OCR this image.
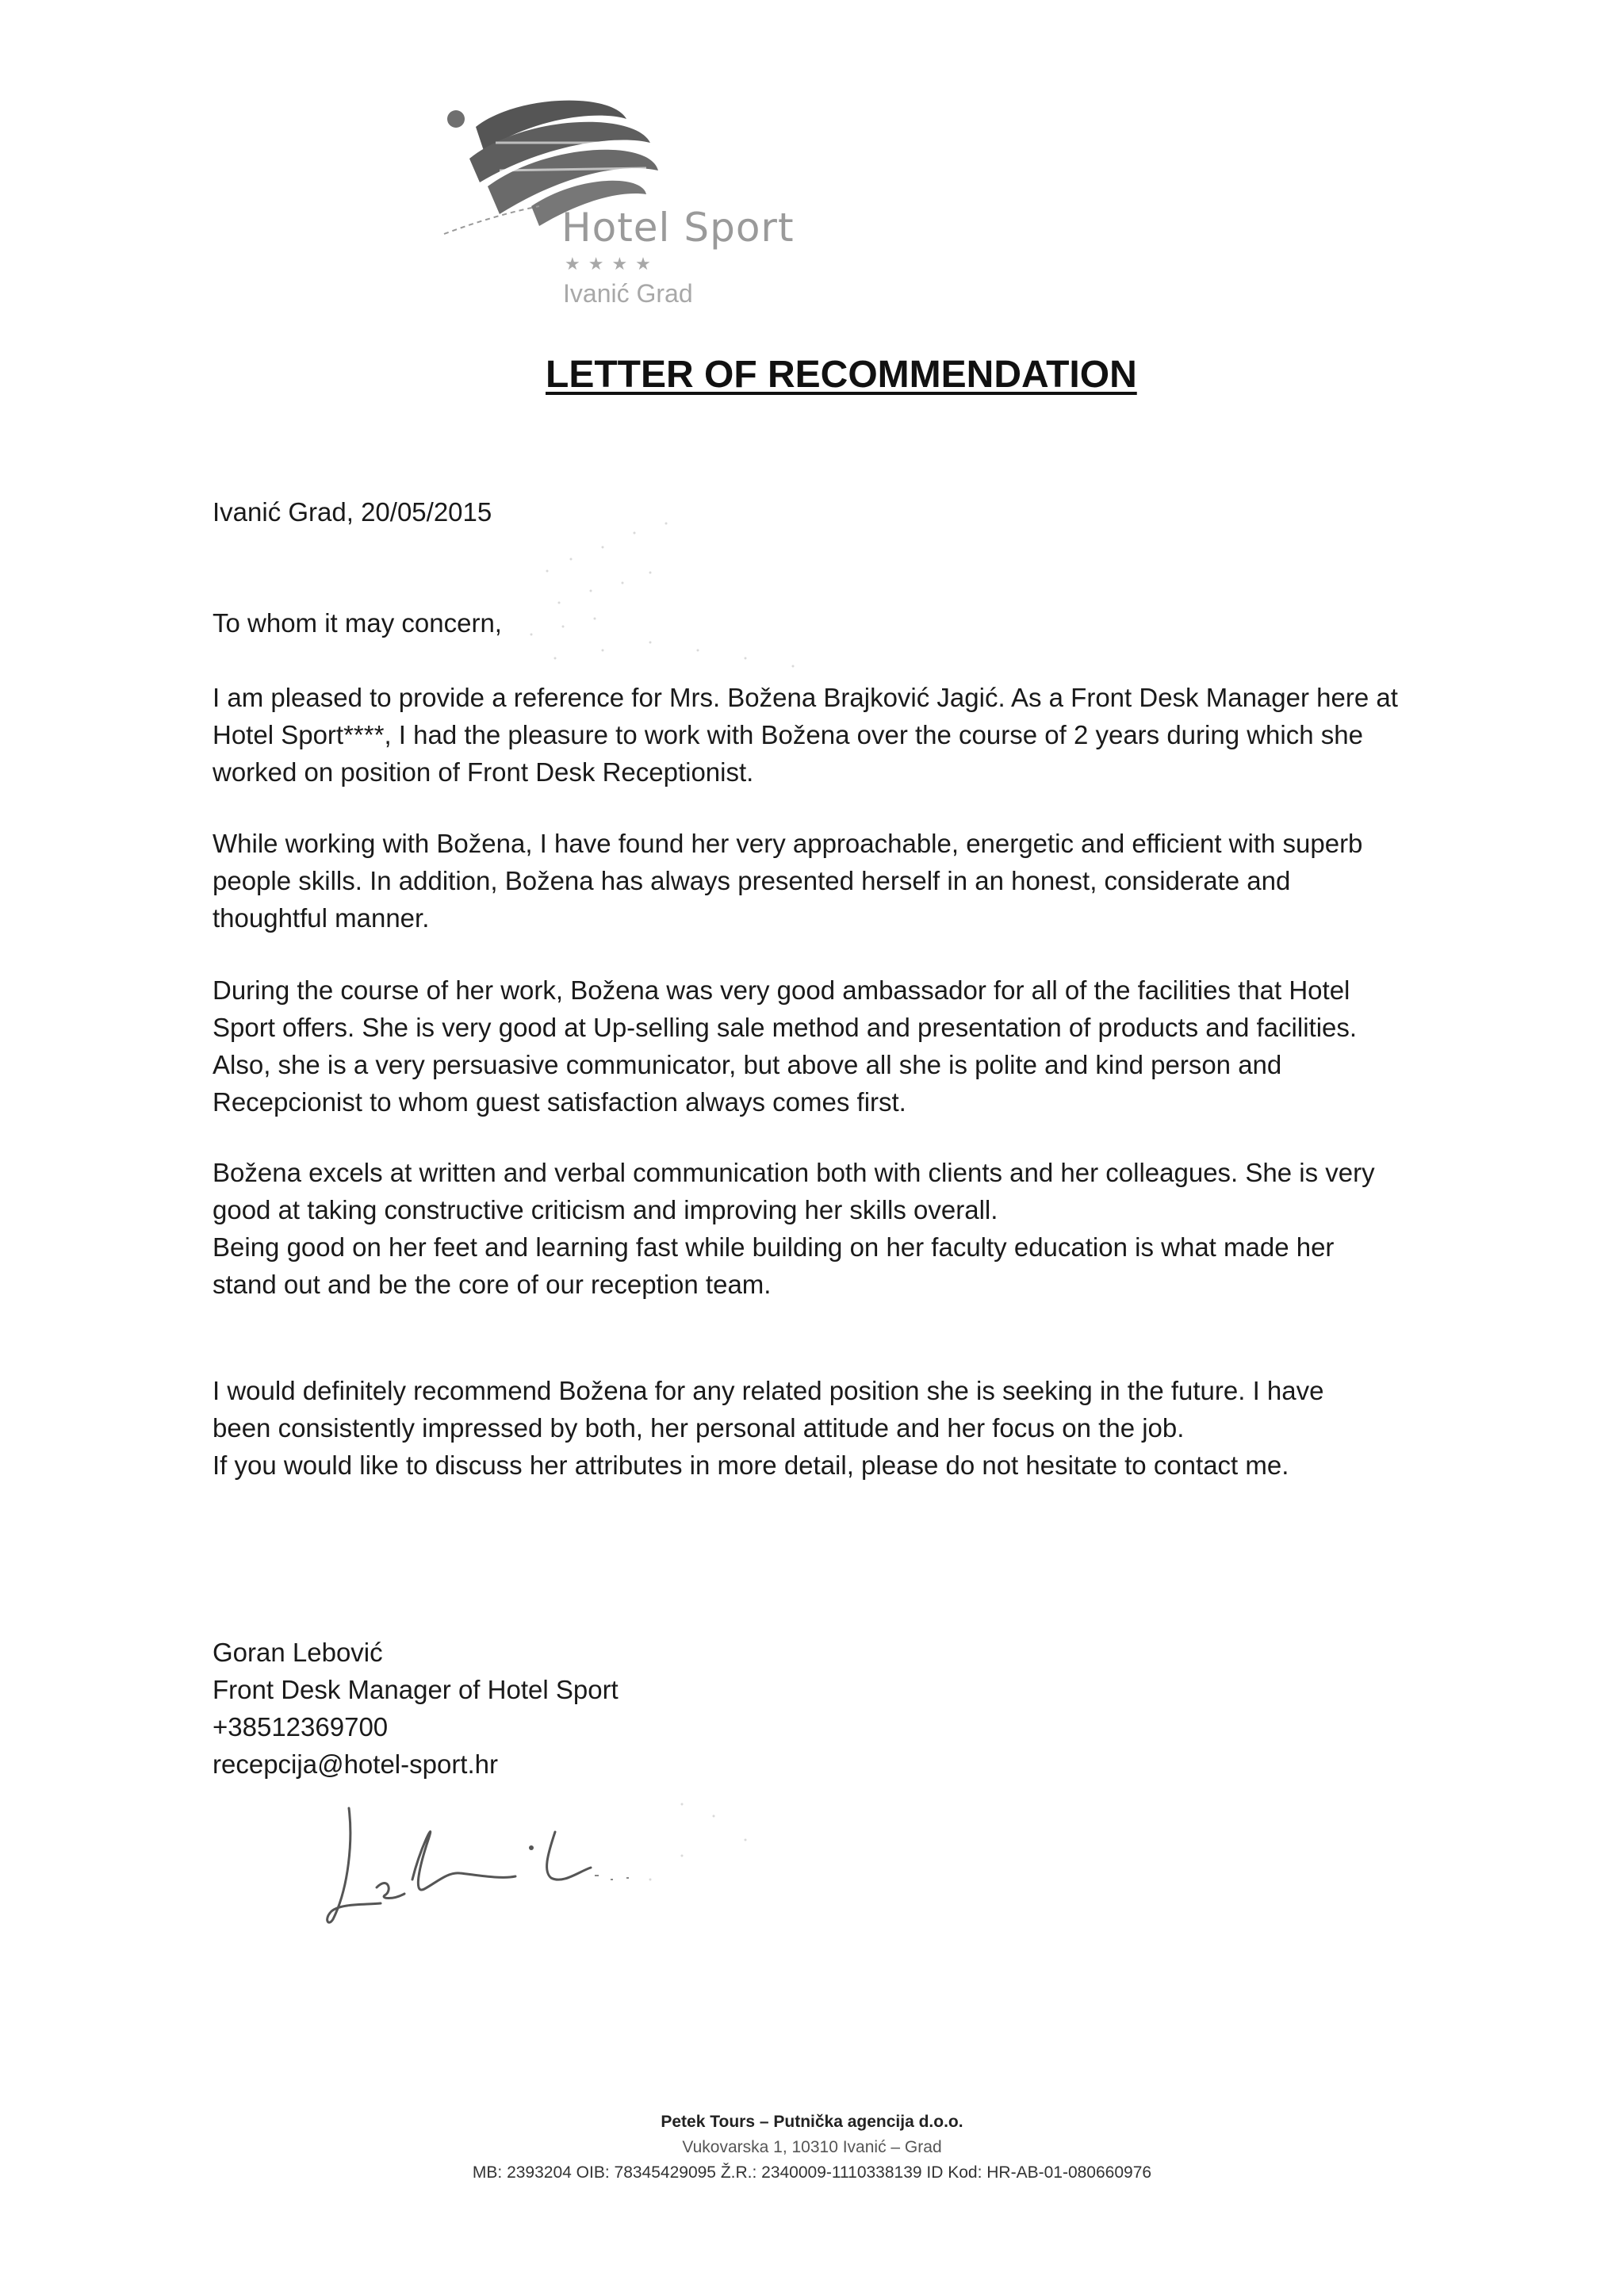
Hotel Sport
★★★★
Ivanić Grad
LETTER OF RECOMMENDATION

Ivanić Grad, 20/05/2015

To whom it may concern,

I am pleased to provide a reference for Mrs. Božena Brajković Jagić. As a Front Desk Manager here at

Hotel Sport****, I had the pleasure to work with Božena over the course of 2 years during which she

worked on position of Front Desk Receptionist.

While working with Božena, I have found her very approachable, energetic and efficient with superb

people skills. In addition, Božena has always presented herself in an honest, considerate and

thoughtful manner.

During the course of her work, Božena was very good ambassador for all of the facilities that Hotel

Sport offers. She is very good at Up-selling sale method and presentation of products and facilities.

Also, she is a very persuasive communicator, but above all she is polite and kind person and

Recepcionist to whom guest satisfaction always comes first.

Božena excels at written and verbal communication both with clients and her colleagues. She is very

good at taking constructive criticism and improving her skills overall.

Being good on her feet and learning fast while building on her faculty education is what made her

stand out and be the core of our reception team.

I would definitely recommend Božena for any related position she is seeking in the future. I have

been consistently impressed by both, her personal attitude and her focus on the job.

If you would like to discuss her attributes in more detail, please do not hesitate to contact me.

Goran Lebović

Front Desk Manager of Hotel Sport

+38512369700

recepcija@hotel-sport.hr

Petek Tours – Putnička agencija d.o.o.

Vukovarska 1, 10310 Ivanić – Grad

MB: 2393204 OIB: 78345429095 Ž.R.: 2340009-1110338139 ID Kod: HR-AB-01-080660976
